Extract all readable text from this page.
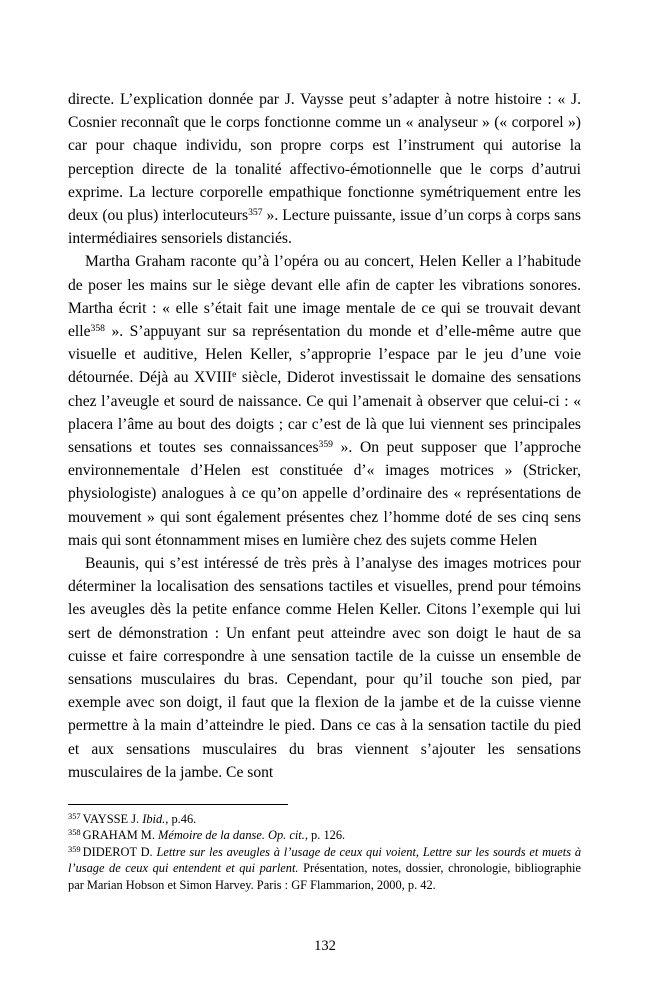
directe. L’explication donnée par J. Vaysse peut s’adapter à notre histoire : « J. Cosnier reconnaît que le corps fonctionne comme un « analyseur » (« corporel ») car pour chaque individu, son propre corps est l’instrument qui autorise la perception directe de la tonalité affectivo-émotionnelle que le corps d’autrui exprime. La lecture corporelle empathique fonctionne symétriquement entre les deux (ou plus) interlocuteurs$^{357}$ ». Lecture puissante, issue d’un corps à corps sans intermédiaires sensoriels distanciés.

Martha Graham raconte qu’à l’opéra ou au concert, Helen Keller a l’habitude de poser les mains sur le siège devant elle afin de capter les vibrations sonores. Martha écrit : « elle s’était fait une image mentale de ce qui se trouvait devant elle$^{358}$ ». S’appuyant sur sa représentation du monde et d’elle-même autre que visuelle et auditive, Helen Keller, s’approprie l’espace par le jeu d’une voie détournée. Déjà au XVIIIe siècle, Diderot investissait le domaine des sensations chez l’aveugle et sourd de naissance. Ce qui l’amenait à observer que celui-ci : « placera l’âme au bout des doigts ; car c’est de là que lui viennent ses principales sensations et toutes ses connaissances$^{359}$ ». On peut supposer que l’approche environnementale d’Helen est constituée d’« images motrices » (Stricker, physiologiste) analogues à ce qu’on appelle d’ordinaire des « représentations de mouvement » qui sont également présentes chez l’homme doté de ses cinq sens mais qui sont étonnamment mises en lumière chez des sujets comme Helen

Beaunis, qui s’est intéressé de très près à l’analyse des images motrices pour déterminer la localisation des sensations tactiles et visuelles, prend pour témoins les aveugles dès la petite enfance comme Helen Keller. Citons l’exemple qui lui sert de démonstration : Un enfant peut atteindre avec son doigt le haut de sa cuisse et faire correspondre à une sensation tactile de la cuisse un ensemble de sensations musculaires du bras. Cependant, pour qu’il touche son pied, par exemple avec son doigt, il faut que la flexion de la jambe et de la cuisse vienne permettre à la main d’atteindre le pied. Dans ce cas à la sensation tactile du pied et aux sensations musculaires du bras viennent s’ajouter les sensations musculaires de la jambe. Ce sont

$^{357}$ VAYSSE J. Ibid., p.46.

$^{358}$ GRAHAM M. Mémoire de la danse. Op. cit., p. 126.

$^{359}$ DIDEROT D. Lettre sur les aveugles à l’usage de ceux qui voient, Lettre sur les sourds et muets à l’usage de ceux qui entendent et qui parlent. Présentation, notes, dossier, chronologie, bibliographie par Marian Hobson et Simon Harvey. Paris : GF Flammarion, 2000, p. 42.

132
